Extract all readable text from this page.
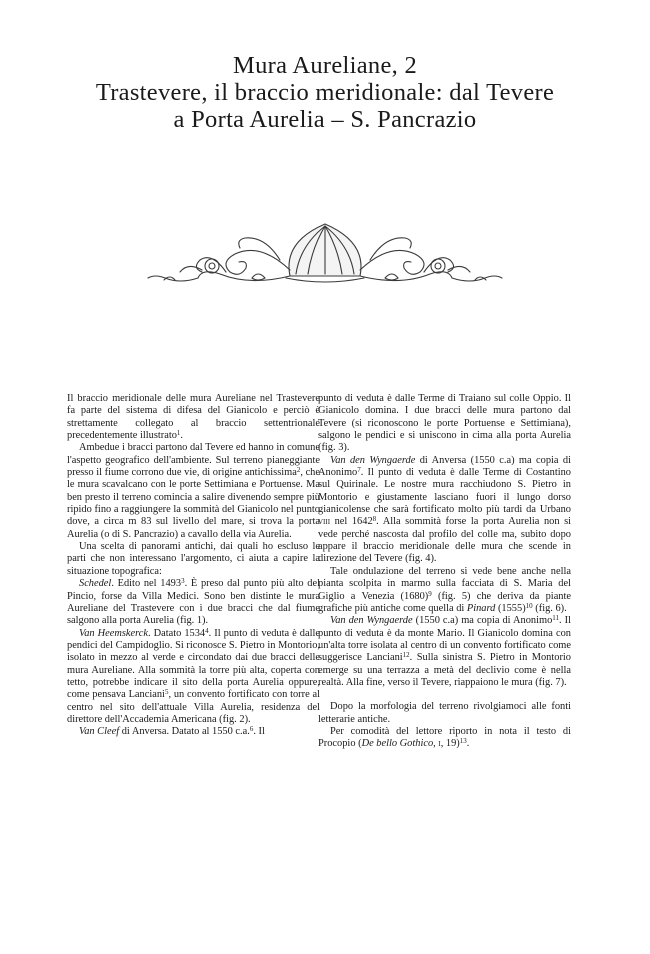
Mura Aureliane, 2
Trastevere, il braccio meridionale: dal Tevere
a Porta Aurelia – S. Pancrazio

Il braccio meridionale delle mura Aureliane nel Trastevere fa parte del sistema di difesa del Gianicolo e perciò è strettamente collegato al braccio settentrionale precedentemente illustrato$^1$.

Ambedue i bracci partono dal Tevere ed hanno in comune l'aspetto geografico dell'ambiente. Sul terreno pianeggiante presso il fiume corrono due vie, di origine antichissima$^2$, che le mura scavalcano con le porte Settimiana e Portuense. Ma ben presto il terreno comincia a salire divenendo sempre più ripido fino a raggiungere la sommità del Gianicolo nel punto dove, a circa m 83 sul livello del mare, si trova la porta Aurelia (o di S. Pancrazio) a cavallo della via Aurelia.

Una scelta di panorami antichi, dai quali ho escluso le parti che non interessano l'argomento, ci aiuta a capire la situazione topografica:

Schedel. Edito nel 1493$^3$. È preso dal punto più alto del Pincio, forse da Villa Medici. Sono ben distinte le mura Aureliane del Trastevere con i due bracci che dal fiume salgono alla porta Aurelia (fig. 1).

Van Heemskerck. Datato 1534$^4$. Il punto di veduta è dalle pendici del Campidoglio. Si riconosce S. Pietro in Montorio, isolato in mezzo al verde e circondato dai due bracci delle mura Aureliane. Alla sommità la torre più alta, coperta con tetto, potrebbe indicare il sito della porta Aurelia oppure, come pensava Lanciani$^5$, un convento fortificato con torre al centro nel sito dell'attuale Villa Aurelia, residenza del direttore dell'Accademia Americana (fig. 2).

Van Cleef di Anversa. Datato al 1550 c.a.$^6$. Il

punto di veduta è dalle Terme di Traiano sul colle Oppio. Il Gianicolo domina. I due bracci delle mura partono dal Tevere (si riconoscono le porte Portuense e Settimiana), salgono le pendici e si uniscono in cima alla porta Aurelia (fig. 3).

Van den Wyngaerde di Anversa (1550 c.a) ma copia di Anonimo$^7$. Il punto di veduta è dalle Terme di Costantino sul Quirinale. Le nostre mura racchiudono S. Pietro in Montorio e giustamente lasciano fuori il lungo dorso gianicolense che sarà fortificato molto più tardi da Urbano viii nel 1642$^8$. Alla sommità forse la porta Aurelia non si vede perché nascosta dal profilo del colle ma, subito dopo appare il braccio meridionale delle mura che scende in direzione del Tevere (fig. 4).

Tale ondulazione del terreno si vede bene anche nella pianta scolpita in marmo sulla facciata di S. Maria del Giglio a Venezia $(1680)^9$ (fig. 5) che deriva da piante grafiche più antiche come quella di Pinard $(1555)^{10}$ (fig. 6).

Van den Wyngaerde (1550 c.a) ma copia di Anonimo$^{11}$. Il punto di veduta è da monte Mario. Il Gianicolo domina con un'alta torre isolata al centro di un convento fortificato come suggerisce Lanciani$^{12}$. Sulla sinistra S. Pietro in Montorio emerge su una terrazza a metà del declivio come è nella realtà. Alla fine, verso il Tevere, riappaiono le mura (fig. 7).

Dopo la morfologia del terreno rivolgiamoci alle fonti letterarie antiche.

Per comodità del lettore riporto in nota il testo di Procopio (De bello Gothico, i, 19)$^{13}$.
